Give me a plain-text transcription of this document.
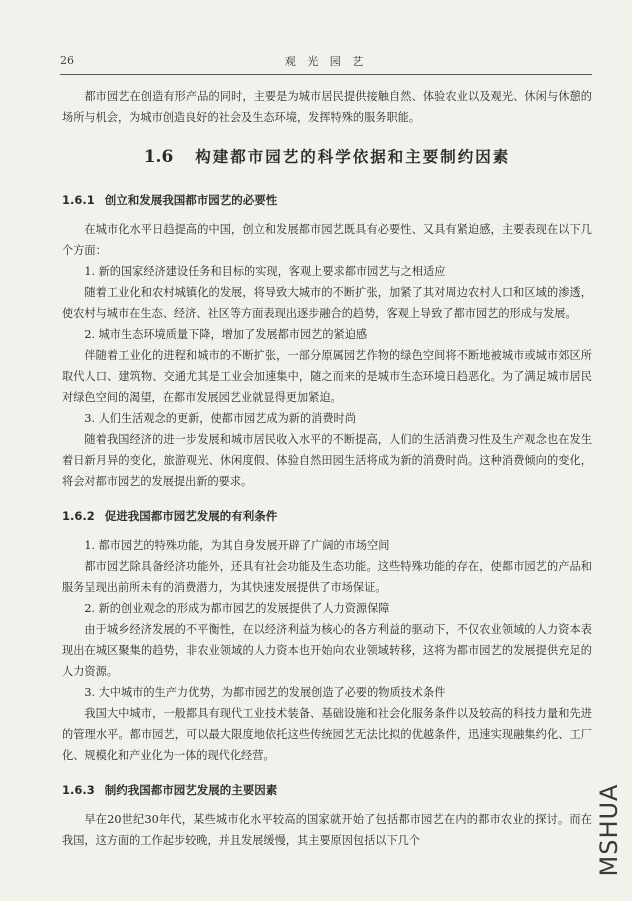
26	观 光 园 艺

都市园艺在创造有形产品的同时，主要是为城市居民提供接触自然、体验农业以及观光、休闲与休憩的场所与机会，为城市创造良好的社会及生态环境，发挥特殊的服务职能。

1.6 构建都市园艺的科学依据和主要制约因素
1.6.1 创立和发展我国都市园艺的必要性

在城市化水平日趋提高的中国，创立和发展都市园艺既具有必要性、又具有紧迫感，主要表现在以下几个方面：

1. 新的国家经济建设任务和目标的实现，客观上要求都市园艺与之相适应

随着工业化和农村城镇化的发展，将导致大城市的不断扩张，加紧了其对周边农村人口和区域的渗透，使农村与城市在生态、经济、社区等方面表现出逐步融合的趋势，客观上导致了都市园艺的形成与发展。

2. 城市生态环境质量下降，增加了发展都市园艺的紧迫感

伴随着工业化的进程和城市的不断扩张，一部分原属园艺作物的绿色空间将不断地被城市或城市郊区所取代人口、建筑物、交通尤其是工业会加速集中，随之而来的是城市生态环境日趋恶化。为了满足城市居民对绿色空间的渴望，在都市发展园艺业就显得更加紧迫。

3. 人们生活观念的更新，使都市园艺成为新的消费时尚

随着我国经济的进一步发展和城市居民收入水平的不断提高，人们的生活消费习性及生产观念也在发生着日新月异的变化，旅游观光、休闲度假、体验自然田园生活将成为新的消费时尚。这种消费倾向的变化，将会对都市园艺的发展提出新的要求。

1.6.2 促进我国都市园艺发展的有利条件

1. 都市园艺的特殊功能，为其自身发展开辟了广阔的市场空间

都市园艺除具备经济功能外，还具有社会功能及生态功能。这些特殊功能的存在，使都市园艺的产品和服务呈现出前所未有的消费潜力，为其快速发展提供了市场保证。

2. 新的创业观念的形成为都市园艺的发展提供了人力资源保障

由于城乡经济发展的不平衡性，在以经济利益为核心的各方利益的驱动下，不仅农业领域的人力资本表现出在城区聚集的趋势，非农业领域的人力资本也开始向农业领域转移，这将为都市园艺的发展提供充足的人力资源。

3. 大中城市的生产力优势，为都市园艺的发展创造了必要的物质技术条件

我国大中城市，一般都具有现代工业技术装备、基础设施和社会化服务条件以及较高的科技力量和先进的管理水平。都市园艺，可以最大限度地依托这些传统园艺无法比拟的优越条件，迅速实现融集约化、工厂化、规模化和产业化为一体的现代化经营。

1.6.3 制约我国都市园艺发展的主要因素

早在20世纪30年代，某些城市化水平较高的国家就开始了包括都市园艺在内的都市农业的探讨。而在我国，这方面的工作起步较晚，并且发展缓慢，其主要原因包括以下几个	MSHUA
